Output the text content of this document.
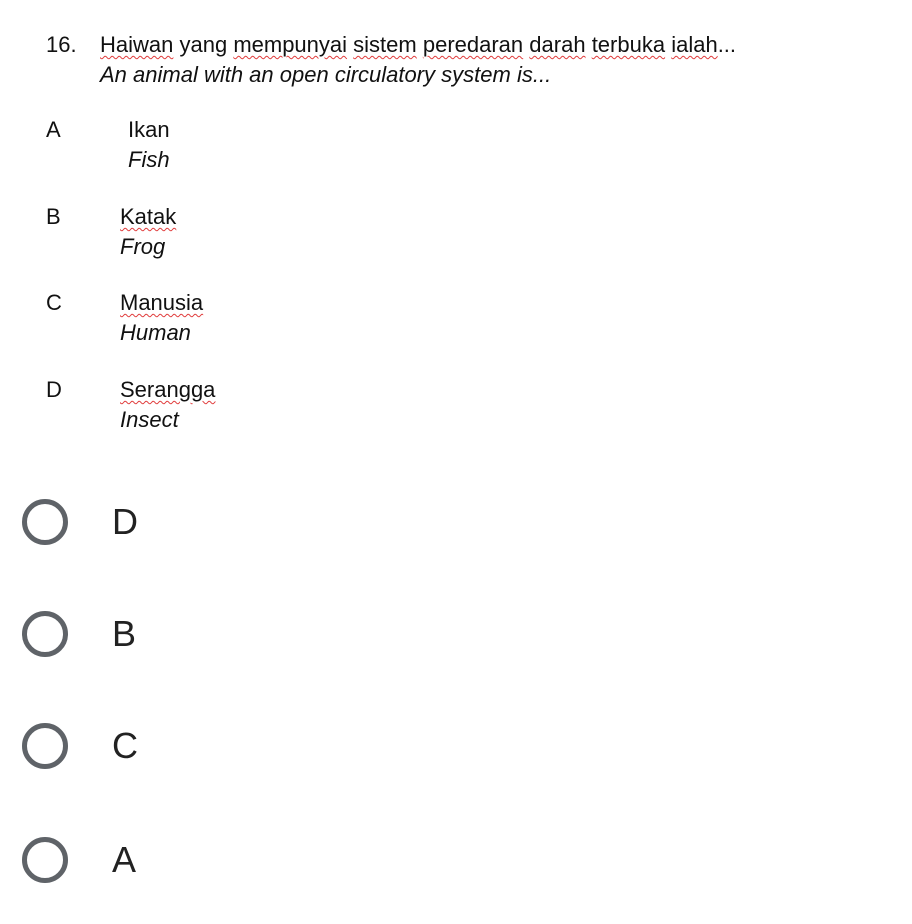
16. Haiwan yang mempunyai sistem peredaran darah terbuka ialah...
An animal with an open circulatory system is...
A	Ikan
Fish
B	Katak
Frog
C	Manusia
Human
D	Serangga
Insect
D
B
C
A
